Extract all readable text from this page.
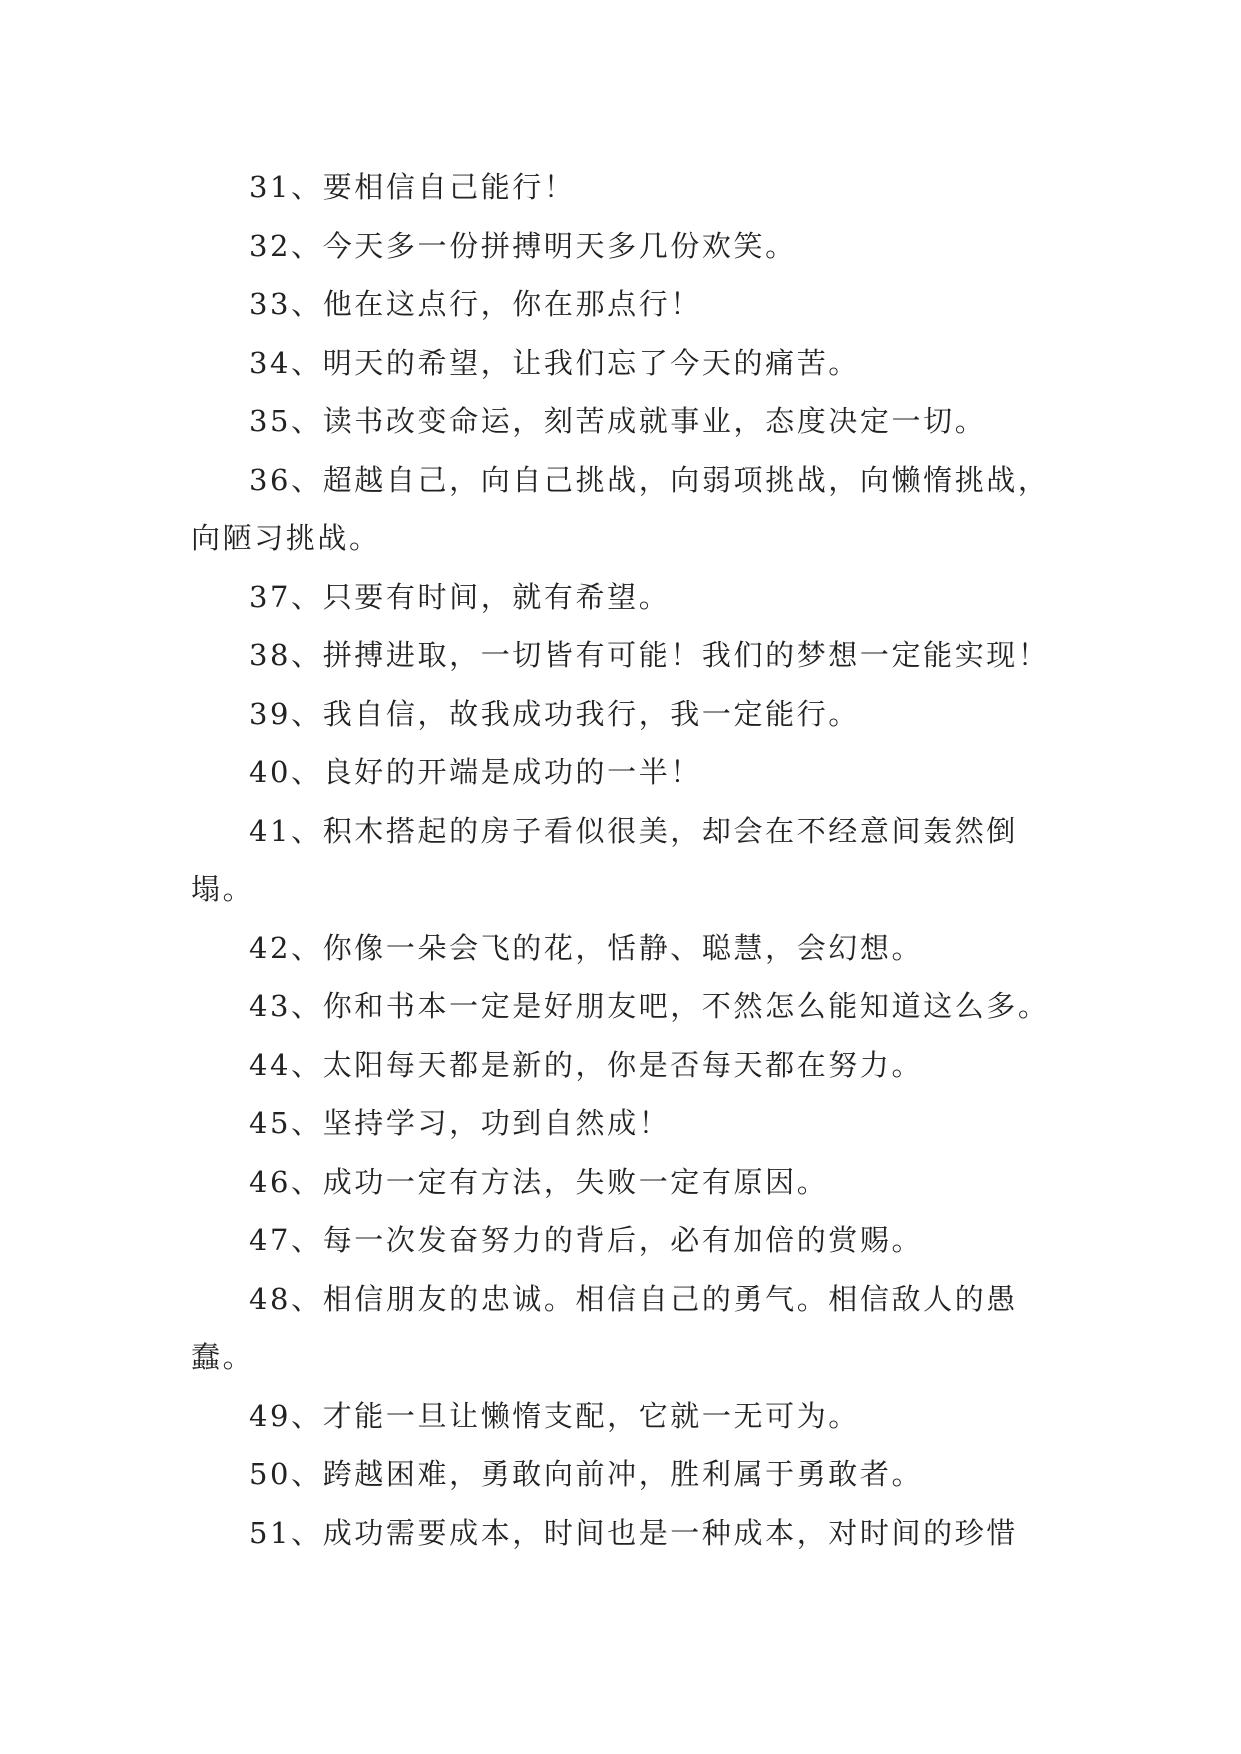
31、要相信自己能行！

32、今天多一份拼搏明天多几份欢笑。

33、他在这点行，你在那点行！

34、明天的希望，让我们忘了今天的痛苦。

35、读书改变命运，刻苦成就事业，态度决定一切。

36、超越自己，向自己挑战，向弱项挑战，向懒惰挑战，向陋习挑战。

37、只要有时间，就有希望。

38、拼搏进取，一切皆有可能！我们的梦想一定能实现！

39、我自信，故我成功我行，我一定能行。

40、良好的开端是成功的一半！

41、积木搭起的房子看似很美，却会在不经意间轰然倒塌。

42、你像一朵会飞的花，恬静、聪慧，会幻想。

43、你和书本一定是好朋友吧，不然怎么能知道这么多。

44、太阳每天都是新的，你是否每天都在努力。

45、坚持学习，功到自然成！

46、成功一定有方法，失败一定有原因。

47、每一次发奋努力的背后，必有加倍的赏赐。

48、相信朋友的忠诚。相信自己的勇气。相信敌人的愚蠢。

49、才能一旦让懒惰支配，它就一无可为。

50、跨越困难，勇敢向前冲，胜利属于勇敢者。

51、成功需要成本，时间也是一种成本，对时间的珍惜
